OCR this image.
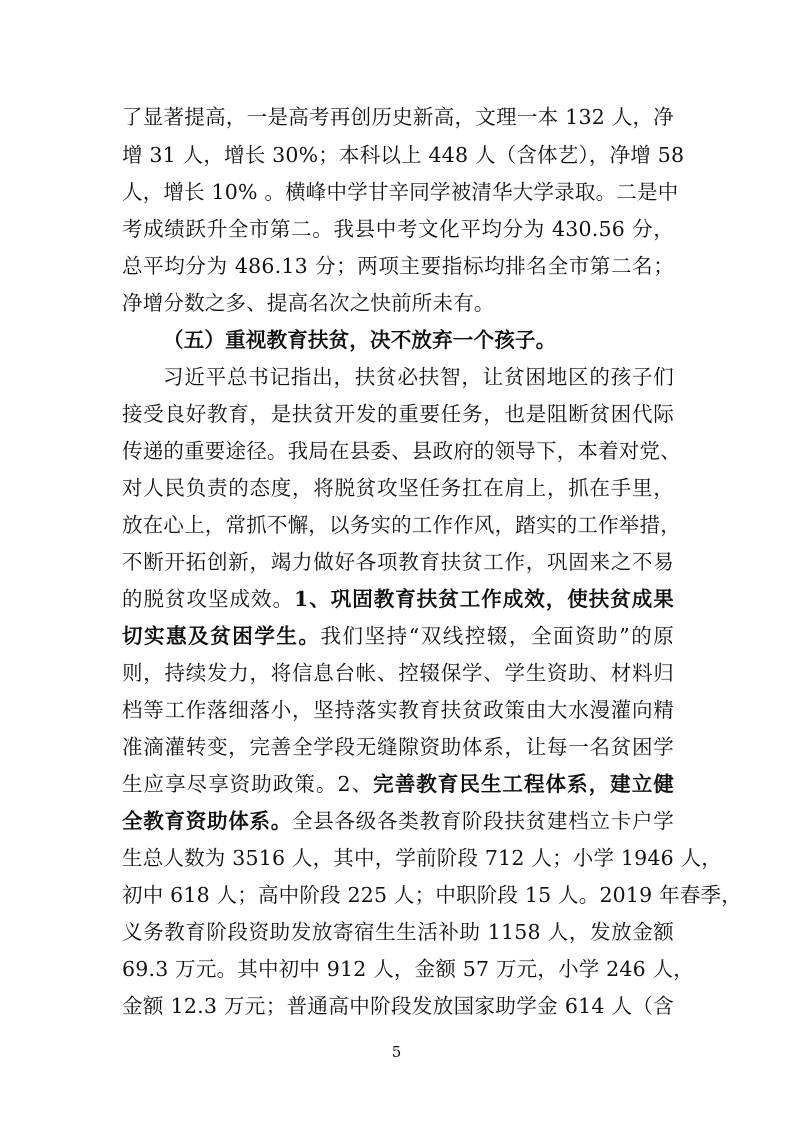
了显著提高，一是高考再创历史新高，文理一本 132 人，净
增 31 人，增长 30%；本科以上 448 人（含体艺），净增 58
人，增长 10% 。横峰中学甘辛同学被清华大学录取。二是中
考成绩跃升全市第二。我县中考文化平均分为 430.56 分，
总平均分为 486.13 分；两项主要指标均排名全市第二名；
净增分数之多、提高名次之快前所未有。
（五）重视教育扶贫，决不放弃一个孩子。
习近平总书记指出，扶贫必扶智，让贫困地区的孩子们
接受良好教育，是扶贫开发的重要任务，也是阻断贫困代际
传递的重要途径。我局在县委、县政府的领导下，本着对党、
对人民负责的态度，将脱贫攻坚任务扛在肩上，抓在手里，
放在心上，常抓不懈，以务实的工作作风，踏实的工作举措，
不断开拓创新，竭力做好各项教育扶贫工作，巩固来之不易
的脱贫攻坚成效。1、巩固教育扶贫工作成效，使扶贫成果
切实惠及贫困学生。我们坚持“双线控辍，全面资助”的原
则，持续发力，将信息台帐、控辍保学、学生资助、材料归
档等工作落细落小，坚持落实教育扶贫政策由大水漫灌向精
准滴灌转变，完善全学段无缝隙资助体系，让每一名贫困学
生应享尽享资助政策。2、完善教育民生工程体系，建立健
全教育资助体系。全县各级各类教育阶段扶贫建档立卡户学
生总人数为 3516 人，其中，学前阶段 712 人；小学 1946 人，
初中 618 人；高中阶段 225 人；中职阶段 15 人。2019 年春季，
义务教育阶段资助发放寄宿生生活补助 1158 人，发放金额
69.3 万元。其中初中 912 人，金额 57 万元，小学 246 人，
金额 12.3 万元；普通高中阶段发放国家助学金 614 人（含
5
